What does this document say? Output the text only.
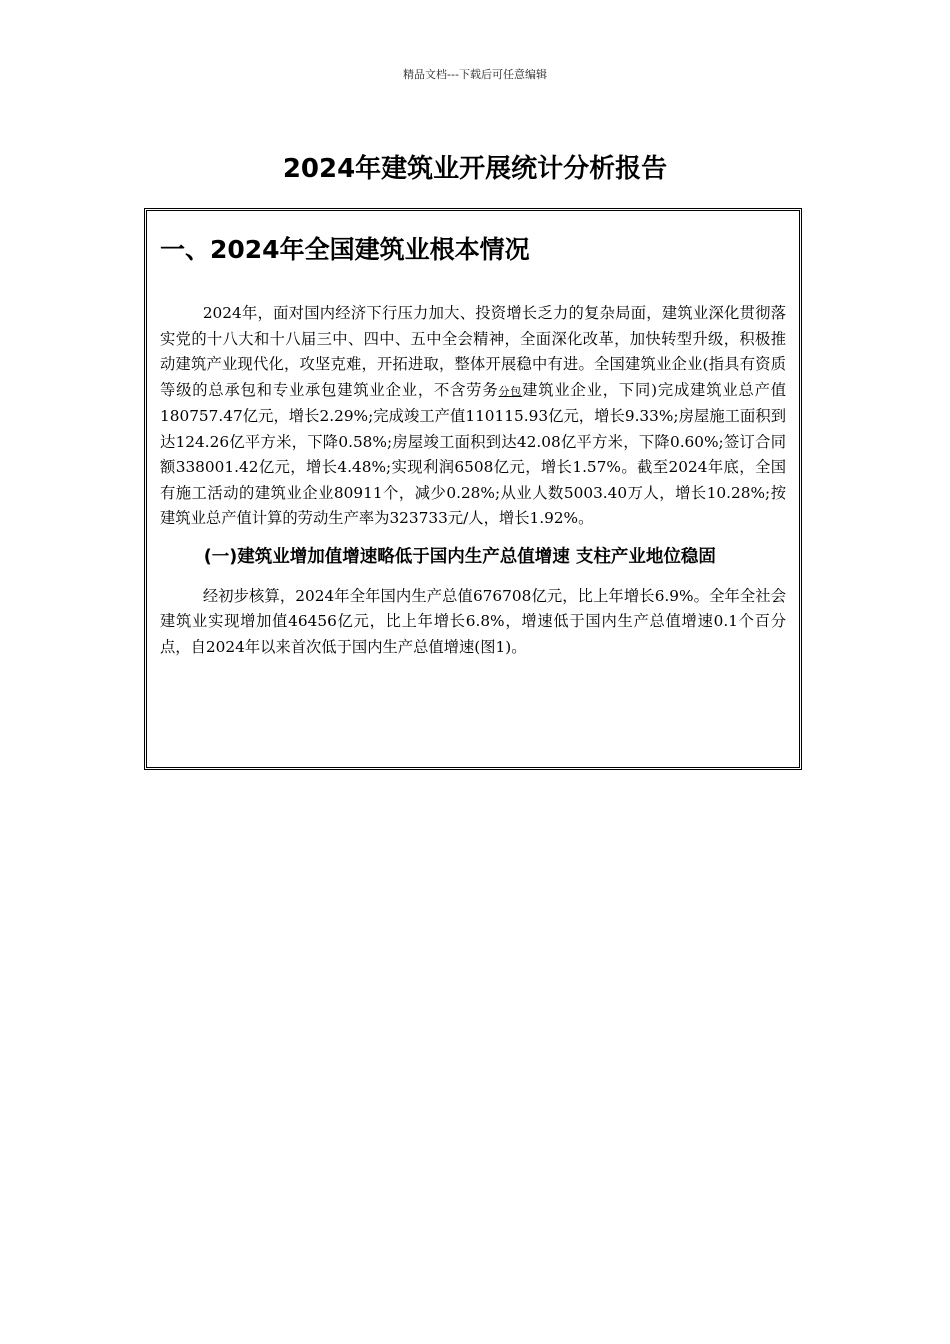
精品文档---下载后可任意编辑
2024年建筑业开展统计分析报告
一、2024年全国建筑业根本情况

2024年，面对国内经济下行压力加大、投资增长乏力的复杂局面，建筑业深化贯彻落实党的十八大和十八届三中、四中、五中全会精神，全面深化改革，加快转型升级，积极推动建筑产业现代化，攻坚克难，开拓进取，整体开展稳中有进。全国建筑业企业(指具有资质等级的总承包和专业承包建筑业企业，不含劳务分包建筑业企业，下同)完成建筑业总产值180757.47亿元，增长2.29%;完成竣工产值110115.93亿元，增长9.33%;房屋施工面积到达124.26亿平方米，下降0.58%;房屋竣工面积到达42.08亿平方米，下降0.60%;签订合同额338001.42亿元，增长4.48%;实现利润6508亿元，增长1.57%。截至2024年底，全国有施工活动的建筑业企业80911个，减少0.28%;从业人数5003.40万人，增长10.28%;按建筑业总产值计算的劳动生产率为323733元/人，增长1.92%。

(一)建筑业增加值增速略低于国内生产总值增速 支柱产业地位稳固

经初步核算，2024年全年国内生产总值676708亿元，比上年增长6.9%。全年全社会建筑业实现增加值46456亿元，比上年增长6.8%，增速低于国内生产总值增速0.1个百分点，自2024年以来首次低于国内生产总值增速(图1)。
